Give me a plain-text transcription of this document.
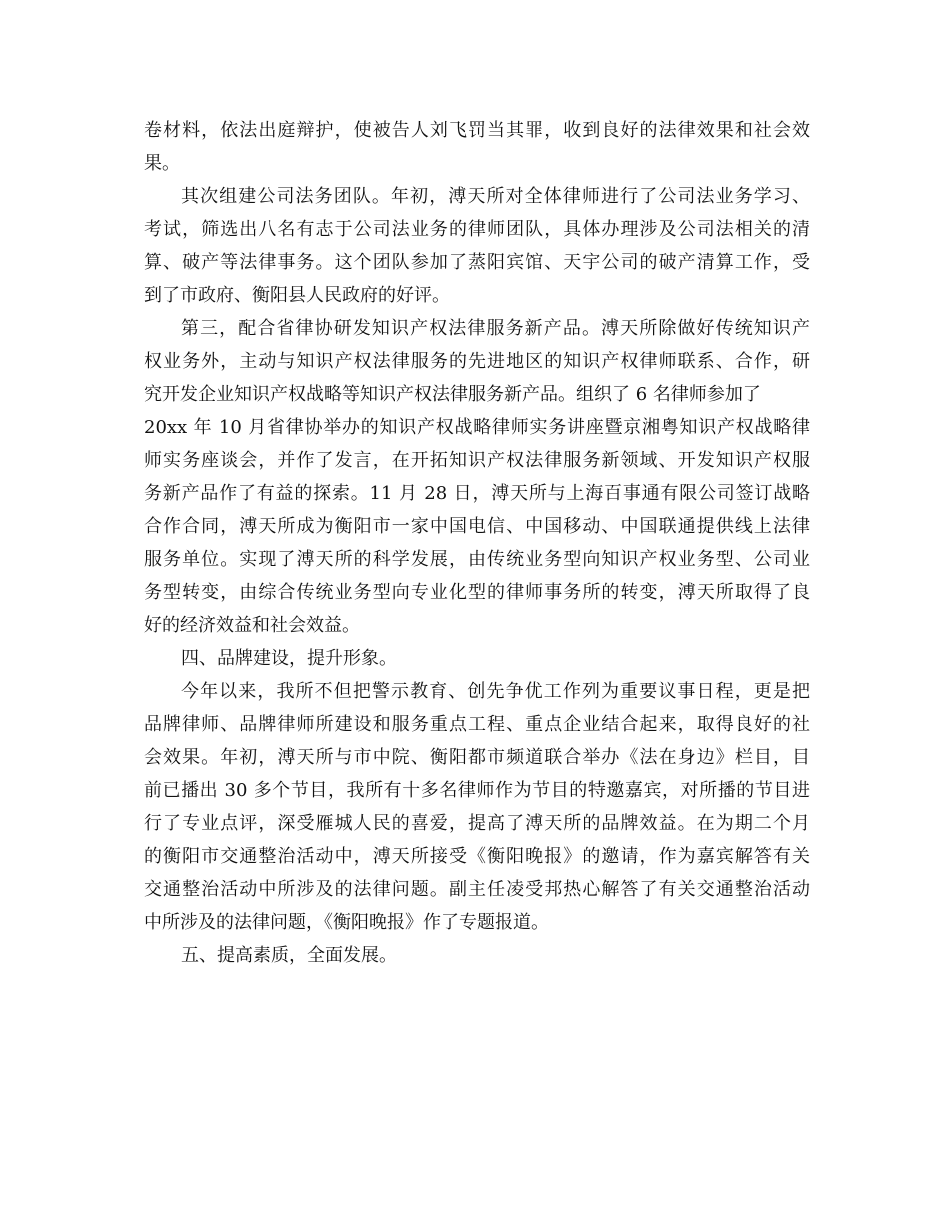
卷材料，依法出庭辩护，使被告人刘飞罚当其罪，收到良好的法律效果和社会效
果。
其次组建公司法务团队。年初，溥天所对全体律师进行了公司法业务学习、
考试，筛选出八名有志于公司法业务的律师团队，具体办理涉及公司法相关的清
算、破产等法律事务。这个团队参加了蒸阳宾馆、天宇公司的破产清算工作，受
到了市政府、衡阳县人民政府的好评。
第三，配合省律协研发知识产权法律服务新产品。溥天所除做好传统知识产
权业务外，主动与知识产权法律服务的先进地区的知识产权律师联系、合作，研
究开发企业知识产权战略等知识产权法律服务新产品。组织了 6 名律师参加了
20xx 年 10 月省律协举办的知识产权战略律师实务讲座暨京湘粤知识产权战略律
师实务座谈会，并作了发言，在开拓知识产权法律服务新领域、开发知识产权服
务新产品作了有益的探索。11 月 28 日，溥天所与上海百事通有限公司签订战略
合作合同，溥天所成为衡阳市一家中国电信、中国移动、中国联通提供线上法律
服务单位。实现了溥天所的科学发展，由传统业务型向知识产权业务型、公司业
务型转变，由综合传统业务型向专业化型的律师事务所的转变，溥天所取得了良
好的经济效益和社会效益。
四、品牌建设，提升形象。
今年以来，我所不但把警示教育、创先争优工作列为重要议事日程，更是把
品牌律师、品牌律师所建设和服务重点工程、重点企业结合起来，取得良好的社
会效果。年初，溥天所与市中院、衡阳都市频道联合举办《法在身边》栏目，目
前已播出 30 多个节目，我所有十多名律师作为节目的特邀嘉宾，对所播的节目进
行了专业点评，深受雁城人民的喜爱，提高了溥天所的品牌效益。在为期二个月
的衡阳市交通整治活动中，溥天所接受《衡阳晚报》的邀请，作为嘉宾解答有关
交通整治活动中所涉及的法律问题。副主任凌受邦热心解答了有关交通整治活动
中所涉及的法律问题，《衡阳晚报》作了专题报道。
五、提高素质，全面发展。
